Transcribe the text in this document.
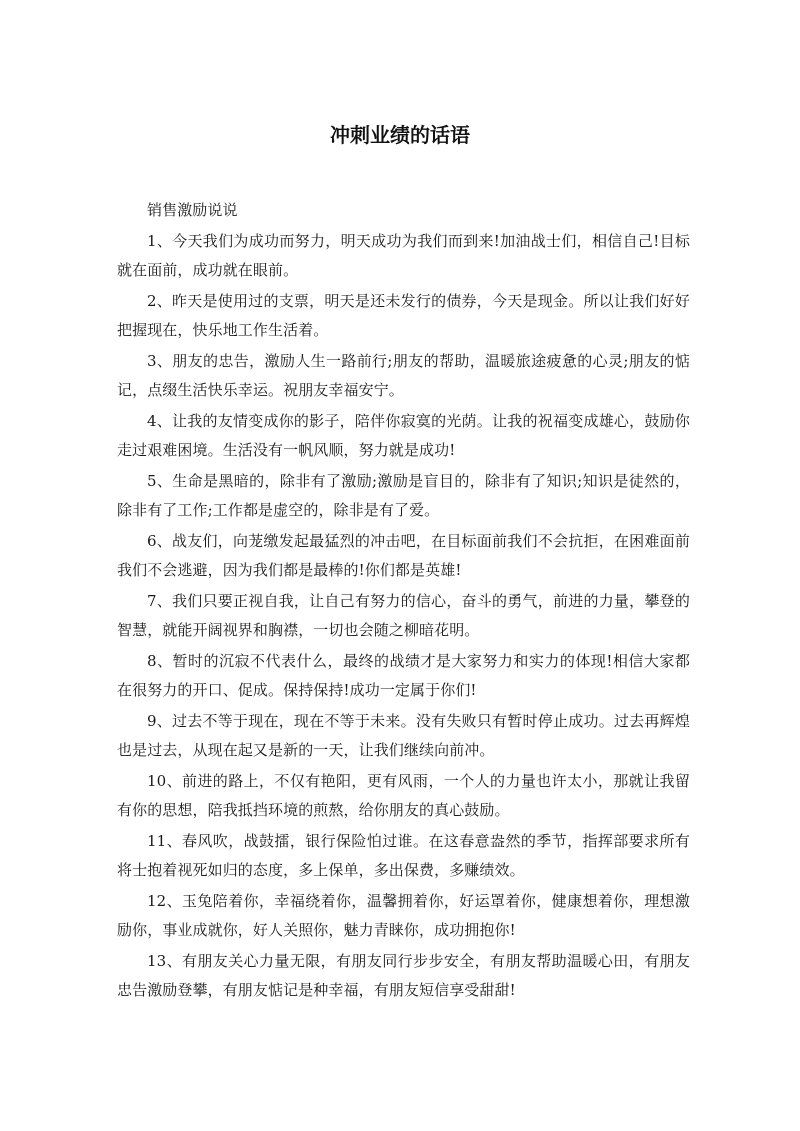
冲刺业绩的话语

销售激励说说

1、今天我们为成功而努力，明天成功为我们而到来!加油战士们，相信自己!目标就在面前，成功就在眼前。

2、昨天是使用过的支票，明天是还未发行的债券，今天是现金。所以让我们好好把握现在，快乐地工作生活着。

3、朋友的忠告，激励人生一路前行;朋友的帮助，温暖旅途疲惫的心灵;朋友的惦记，点缀生活快乐幸运。祝朋友幸福安宁。

4、让我的友情变成你的影子，陪伴你寂寞的光荫。让我的祝福变成雄心，鼓励你走过艰难困境。生活没有一帆风顺，努力就是成功!

5、生命是黑暗的，除非有了激励;激励是盲目的，除非有了知识;知识是徒然的，除非有了工作;工作都是虚空的，除非是有了爱。

6、战友们，向茏缴发起最猛烈的冲击吧，在目标面前我们不会抗拒，在困难面前我们不会逃避，因为我们都是最棒的!你们都是英雄!

7、我们只要正视自我，让自己有努力的信心，奋斗的勇气，前进的力量，攀登的智慧，就能开阔视界和胸襟，一切也会随之柳暗花明。

8、暂时的沉寂不代表什么，最终的战绩才是大家努力和实力的体现!相信大家都在很努力的开口、促成。保持保持!成功一定属于你们!

9、过去不等于现在，现在不等于未来。没有失败只有暂时停止成功。过去再辉煌也是过去，从现在起又是新的一天，让我们继续向前冲。

10、前进的路上，不仅有艳阳，更有风雨，一个人的力量也许太小，那就让我留有你的思想，陪我抵挡环境的煎熬，给你朋友的真心鼓励。

11、春风吹，战鼓擂，银行保险怕过谁。在这春意盎然的季节，指挥部要求所有将士抱着视死如归的态度，多上保单，多出保费，多赚绩效。

12、玉兔陪着你，幸福绕着你，温馨拥着你，好运罩着你，健康想着你，理想激励你，事业成就你，好人关照你，魅力青睐你，成功拥抱你!

13、有朋友关心力量无限，有朋友同行步步安全，有朋友帮助温暖心田，有朋友忠告激励登攀，有朋友惦记是种幸福，有朋友短信享受甜甜!
